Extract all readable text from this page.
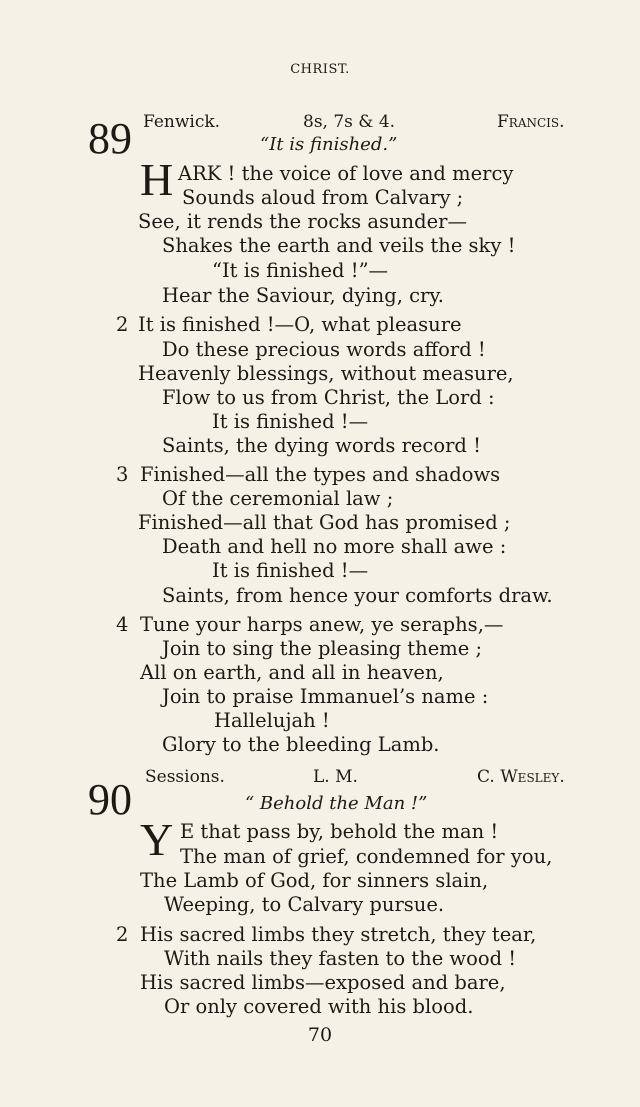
CHRIST.
89 Fenwick.	8s, 7s & 4.	Francis.
“It is finished.”
H ARK ! the voice of love and mercy
Sounds aloud from Calvary ;
See, it rends the rocks asunder—
Shakes the earth and veils the sky !
“It is finished !”—
Hear the Saviour, dying, cry.
2 It is finished !—O, what pleasure
Do these precious words afford !
Heavenly blessings, without measure,
Flow to us from Christ, the Lord :
It is finished !—
Saints, the dying words record !
3 Finished—all the types and shadows
Of the ceremonial law ;
Finished—all that God has promised ;
Death and hell no more shall awe :
It is finished !—
Saints, from hence your comforts draw.
4 Tune your harps anew, ye seraphs,—
Join to sing the pleasing theme ;
All on earth, and all in heaven,
Join to praise Immanuel’s name :
Hallelujah !
Glory to the bleeding Lamb.
90 Sessions.	L. M.	C. Wesley.
“ Behold the Man !”
Y E that pass by, behold the man !
The man of grief, condemned for you,
The Lamb of God, for sinners slain,
Weeping, to Calvary pursue.
2 His sacred limbs they stretch, they tear,
With nails they fasten to the wood !
His sacred limbs—exposed and bare,
Or only covered with his blood.
70
